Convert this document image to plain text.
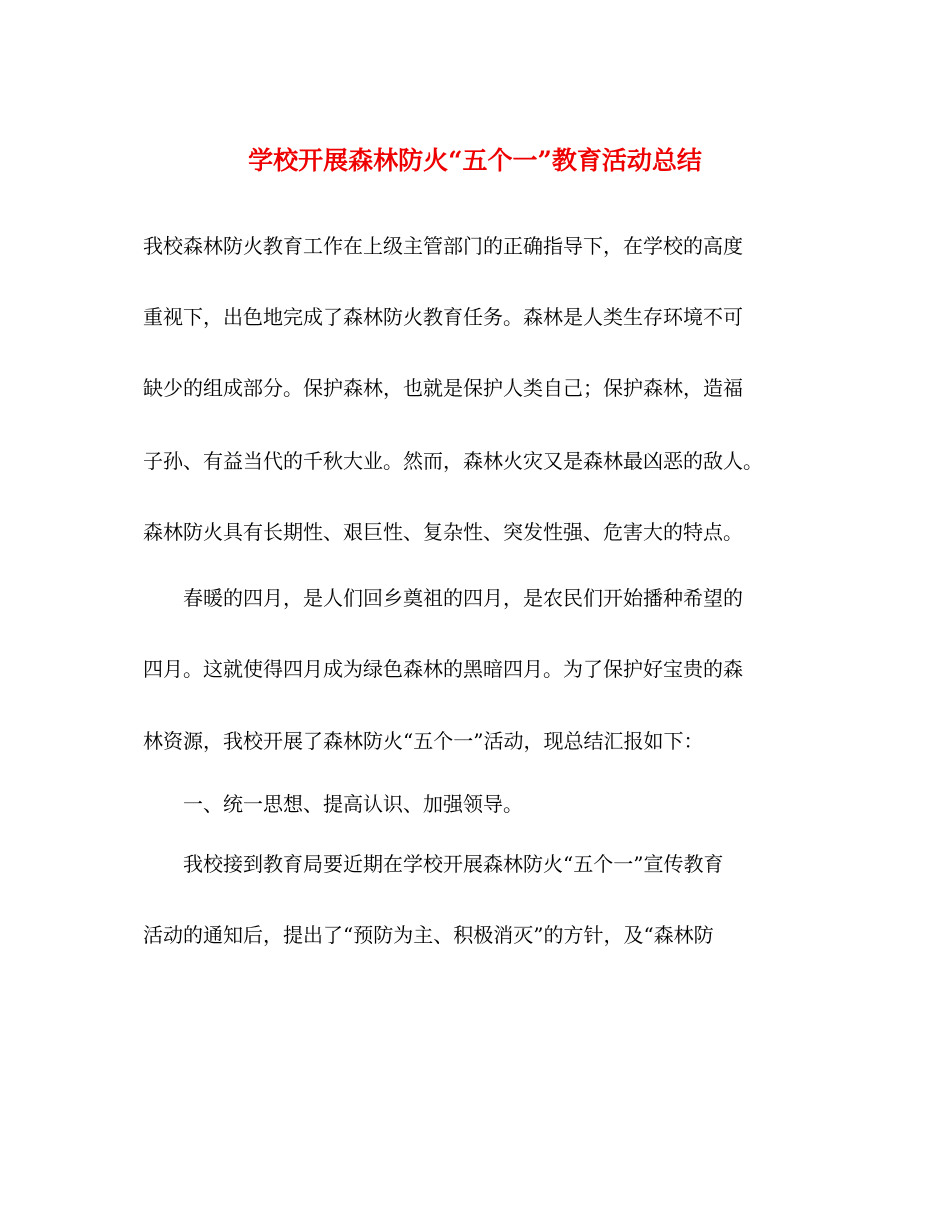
学校开展森林防火“五个一”教育活动总结
我校森林防火教育工作在上级主管部门的正确指导下，在学校的高度
重视下，出色地完成了森林防火教育任务。森林是人类生存环境不可
缺少的组成部分。保护森林，也就是保护人类自己；保护森林，造福
子孙、有益当代的千秋大业。然而，森林火灾又是森林最凶恶的敌人。
森林防火具有长期性、艰巨性、复杂性、突发性强、危害大的特点。
　　春暖的四月，是人们回乡奠祖的四月，是农民们开始播种希望的
四月。这就使得四月成为绿色森林的黑暗四月。为了保护好宝贵的森
林资源，我校开展了森林防火“五个一”活动，现总结汇报如下：
　　一、统一思想、提高认识、加强领导。
　　我校接到教育局要近期在学校开展森林防火“五个一”宣传教育
活动的通知后，提出了“预防为主、积极消灭”的方针，及“森林防
